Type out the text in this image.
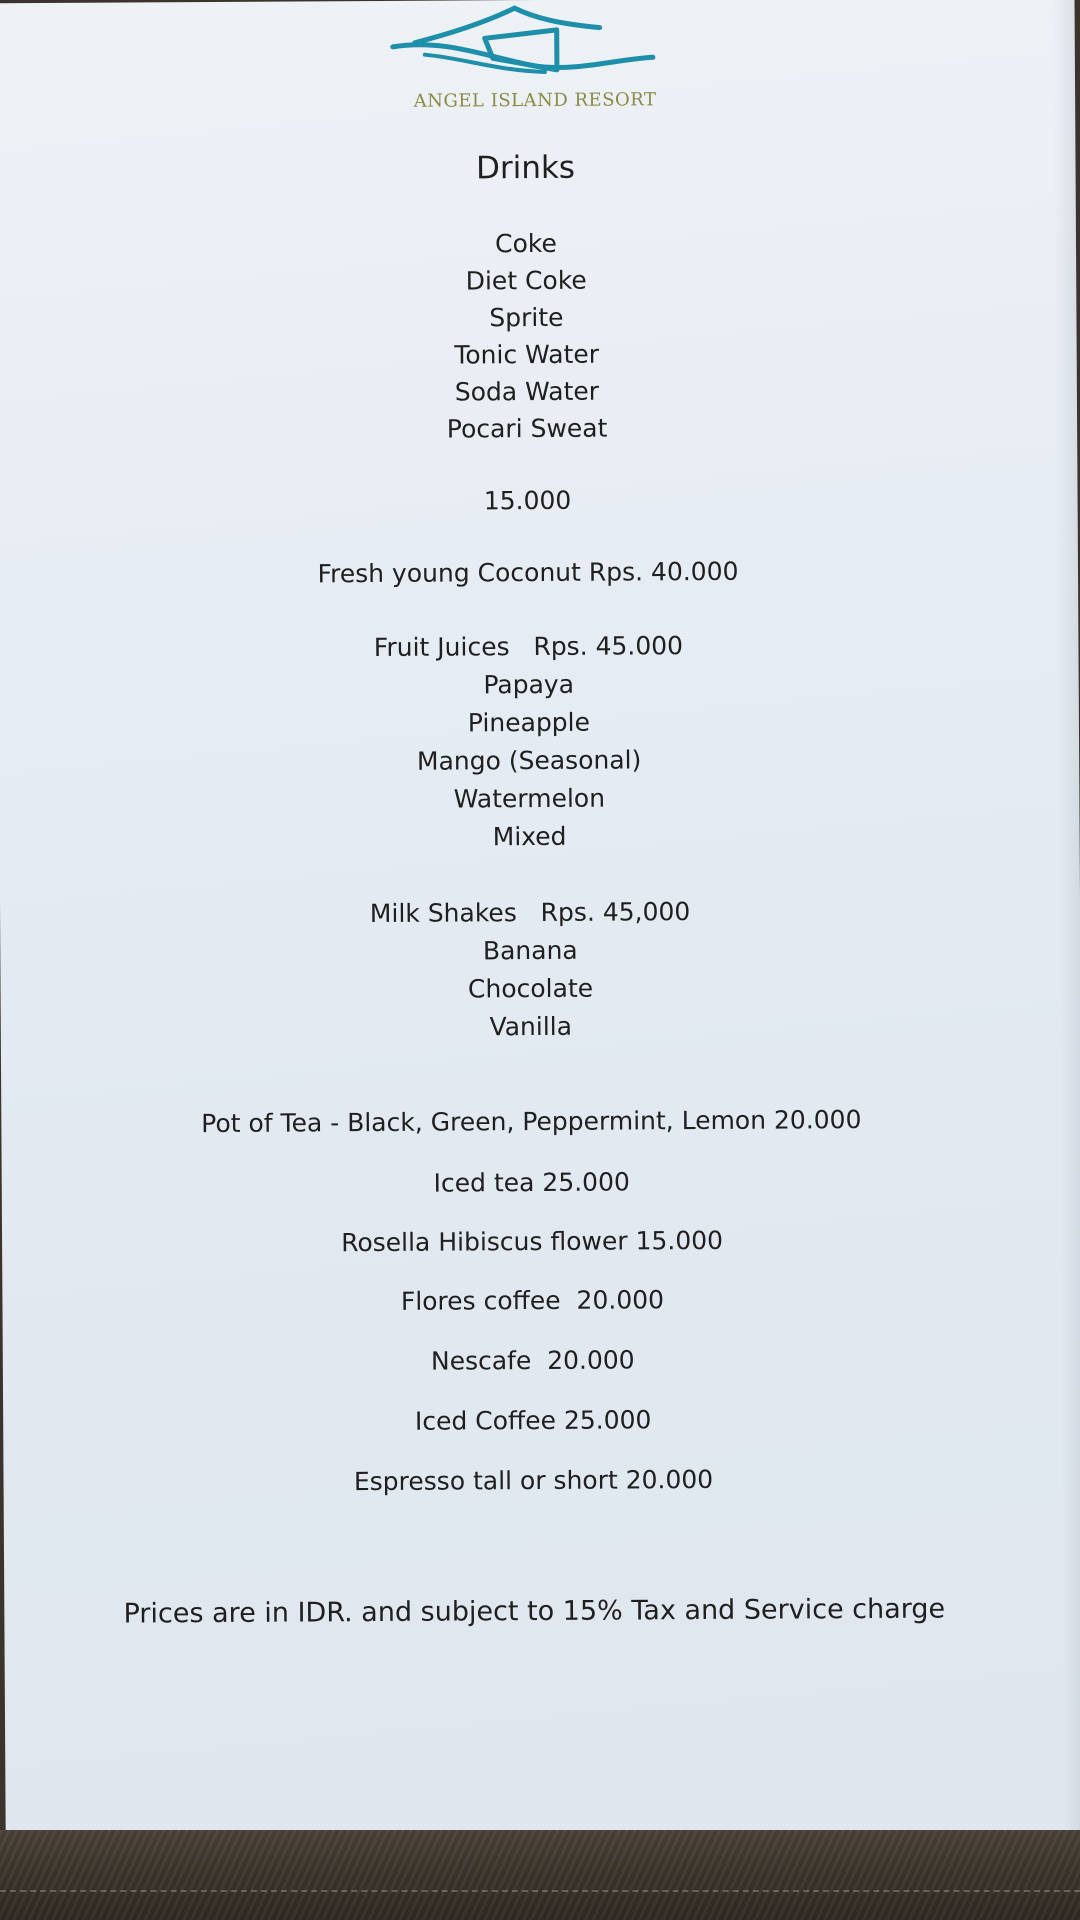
ANGEL ISLAND RESORT
Drinks
Coke
Diet Coke
Sprite
Tonic Water
Soda Water
Pocari Sweat
15.000
Fresh young Coconut Rps. 40.000
Fruit Juices   Rps. 45.000
Papaya
Pineapple
Mango (Seasonal)
Watermelon
Mixed
Milk Shakes   Rps. 45,000
Banana
Chocolate
Vanilla
Pot of Tea - Black, Green, Peppermint, Lemon 20.000
Iced tea 25.000
Rosella Hibiscus flower 15.000
Flores coffee  20.000
Nescafe  20.000
Iced Coffee 25.000
Espresso tall or short 20.000
Prices are in IDR. and subject to 15% Tax and Service charge
